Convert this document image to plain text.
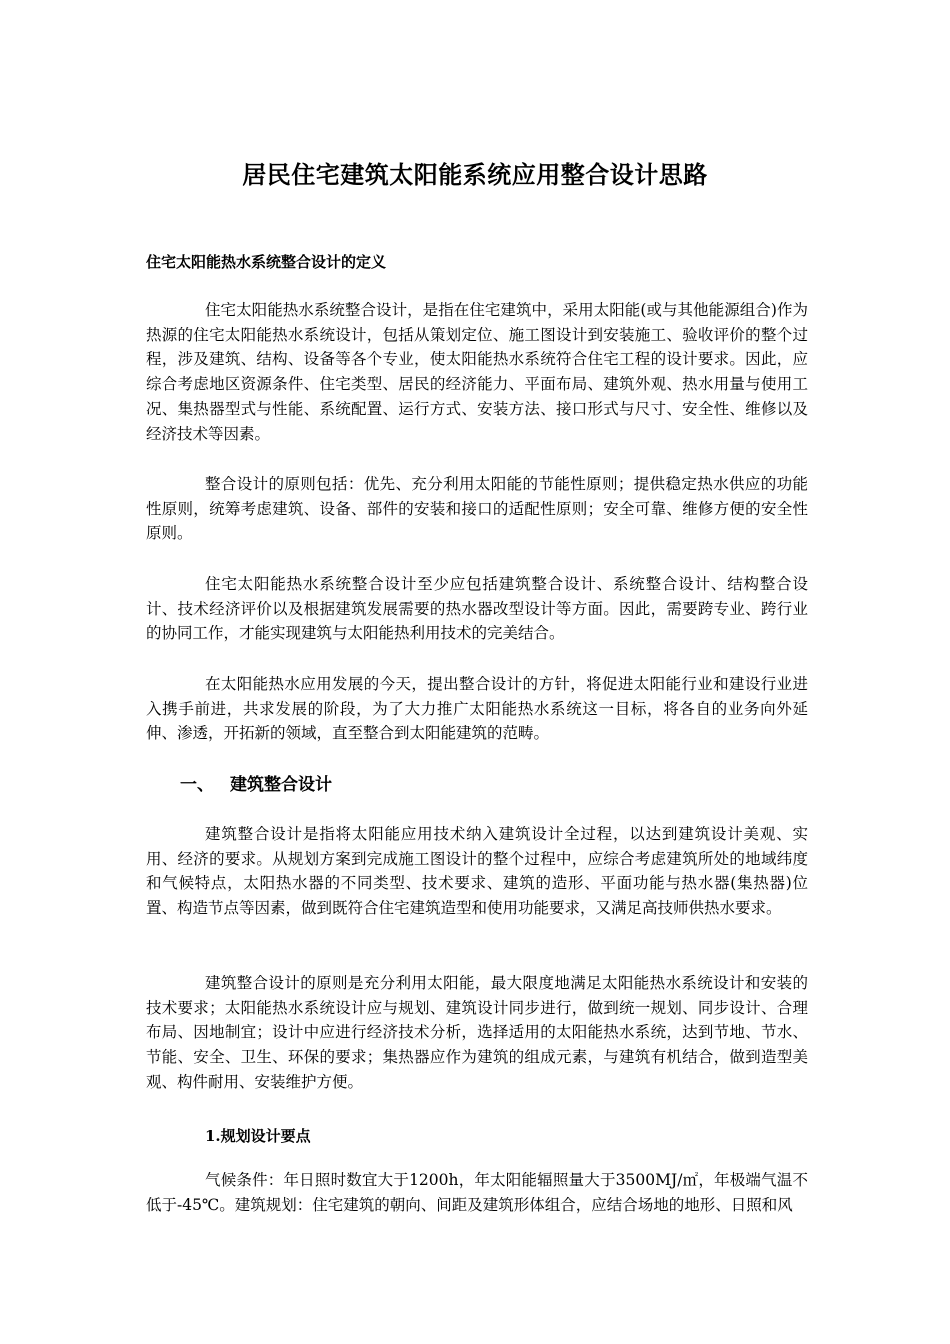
居民住宅建筑太阳能系统应用整合设计思路
住宅太阳能热水系统整合设计的定义

住宅太阳能热水系统整合设计，是指在住宅建筑中，采用太阳能(或与其他能源组合)作为热源的住宅太阳能热水系统设计，包括从策划定位、施工图设计到安装施工、验收评价的整个过程，涉及建筑、结构、设备等各个专业，使太阳能热水系统符合住宅工程的设计要求。因此，应综合考虑地区资源条件、住宅类型、居民的经济能力、平面布局、建筑外观、热水用量与使用工况、集热器型式与性能、系统配置、运行方式、安装方法、接口形式与尺寸、安全性、维修以及经济技术等因素。

整合设计的原则包括：优先、充分利用太阳能的节能性原则；提供稳定热水供应的功能性原则，统筹考虑建筑、设备、部件的安装和接口的适配性原则；安全可靠、维修方便的安全性原则。

住宅太阳能热水系统整合设计至少应包括建筑整合设计、系统整合设计、结构整合设计、技术经济评价以及根据建筑发展需要的热水器改型设计等方面。因此，需要跨专业、跨行业的协同工作，才能实现建筑与太阳能热利用技术的完美结合。

在太阳能热水应用发展的今天，提出整合设计的方针，将促进太阳能行业和建设行业进入携手前进，共求发展的阶段，为了大力推广太阳能热水系统这一目标，将各自的业务向外延伸、渗透，开拓新的领域，直至整合到太阳能建筑的范畴。

一、 建筑整合设计

建筑整合设计是指将太阳能应用技术纳入建筑设计全过程，以达到建筑设计美观、实用、经济的要求。从规划方案到完成施工图设计的整个过程中，应综合考虑建筑所处的地域纬度和气候特点，太阳热水器的不同类型、技术要求、建筑的造形、平面功能与热水器(集热器)位置、构造节点等因素，做到既符合住宅建筑造型和使用功能要求，又满足高技师供热水要求。

建筑整合设计的原则是充分利用太阳能，最大限度地满足太阳能热水系统设计和安装的技术要求；太阳能热水系统设计应与规划、建筑设计同步进行，做到统一规划、同步设计、合理布局、因地制宜；设计中应进行经济技术分析，选择适用的太阳能热水系统，达到节地、节水、节能、安全、卫生、环保的要求；集热器应作为建筑的组成元素，与建筑有机结合，做到造型美观、构件耐用、安装维护方便。

1.规划设计要点

气候条件：年日照时数宜大于1200h，年太阳能辐照量大于3500MJ/㎡，年极端气温不低于-45℃。建筑规划：住宅建筑的朝向、间距及建筑形体组合，应结合场地的地形、日照和风
